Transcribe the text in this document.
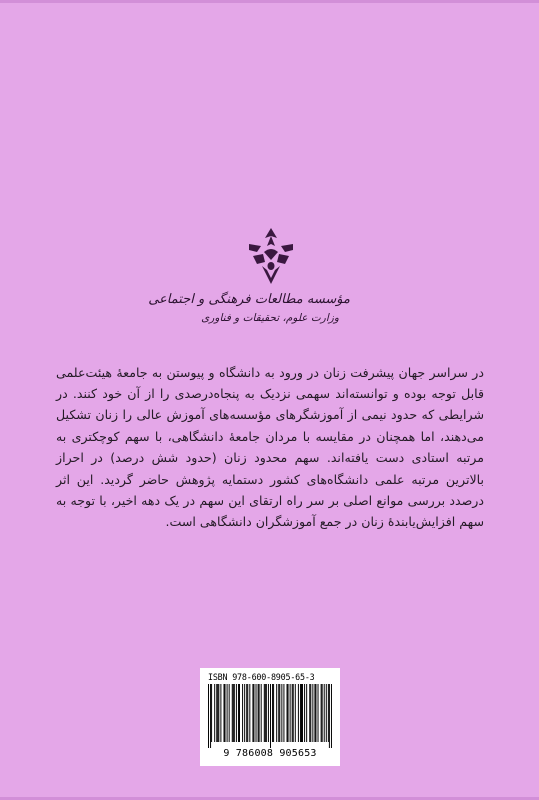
مؤسسه مطالعات فرهنگی و اجتماعی
وزارت علوم، تحقیقات و فناوری

در سراسر جهان پیشرفت زنان در ورود به دانشگاه و پیوستن به جامعهٔ هیئت‌علمی قابل توجه بوده و توانسته‌اند سهمی نزدیک به پنجاه‌درصدی را از آن خود کنند. در شرایطی که حدود نیمی از آموزشگرهای مؤسسه‌های آموزش عالی را زنان تشکیل می‌دهند، اما همچنان در مقایسه با مردان جامعهٔ دانشگاهی، با سهم کوچکتری به مرتبه استادی دست یافته‌اند. سهم محدود زنان (حدود شش درصد) در احراز بالاترین مرتبه علمی دانشگاه‌های کشور دستمایه پژوهش حاضر گردید. این اثر درصدد بررسی موانع اصلی بر سر راه ارتقای این سهم در یک دهه اخیر، با توجه به سهم افزایش‌یابندهٔ زنان در جمع آموزشگران دانشگاهی است.

ISBN 978-600-8905-65-3
9 786008 905653
